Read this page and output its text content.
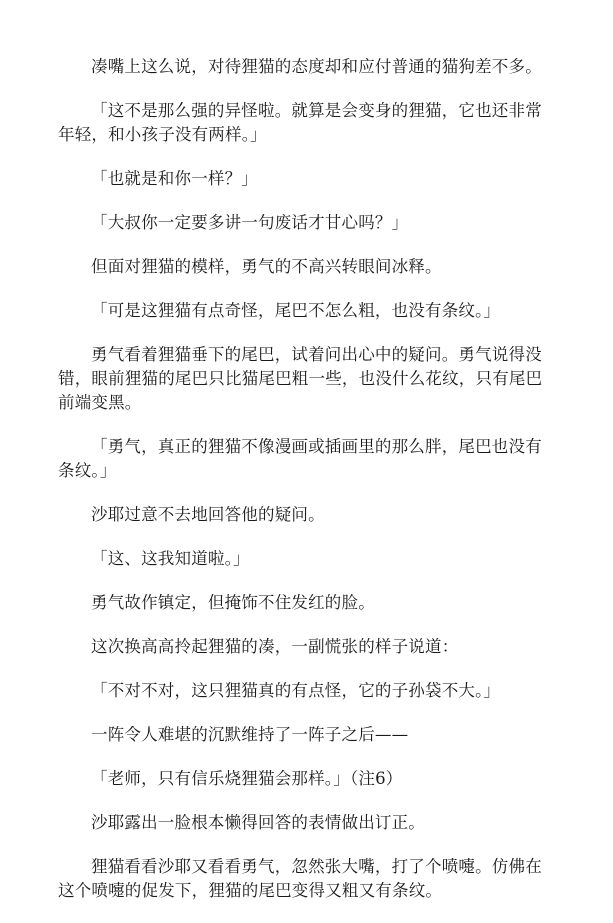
凑嘴上这么说，对待狸猫的态度却和应付普通的猫狗差不多。

「这不是那么强的异怪啦。就算是会变身的狸猫，它也还非常年轻，和小孩子没有两样。」

「也就是和你一样？」

「大叔你一定要多讲一句废话才甘心吗？」

但面对狸猫的模样，勇气的不高兴转眼间冰释。

「可是这狸猫有点奇怪，尾巴不怎么粗，也没有条纹。」

勇气看着狸猫垂下的尾巴，试着问出心中的疑问。勇气说得没错，眼前狸猫的尾巴只比猫尾巴粗一些，也没什么花纹，只有尾巴前端变黑。

「勇气，真正的狸猫不像漫画或插画里的那么胖，尾巴也没有条纹。」

沙耶过意不去地回答他的疑问。

「这、这我知道啦。」

勇气故作镇定，但掩饰不住发红的脸。

这次换高高拎起狸猫的凑，一副慌张的样子说道：

「不对不对，这只狸猫真的有点怪，它的子孙袋不大。」

一阵令人难堪的沉默维持了一阵子之后——

「老师，只有信乐烧狸猫会那样。」（注6）

沙耶露出一脸根本懒得回答的表情做出订正。

狸猫看看沙耶又看看勇气，忽然张大嘴，打了个喷嚏。仿佛在这个喷嚏的促发下，狸猫的尾巴变得又粗又有条纹。
